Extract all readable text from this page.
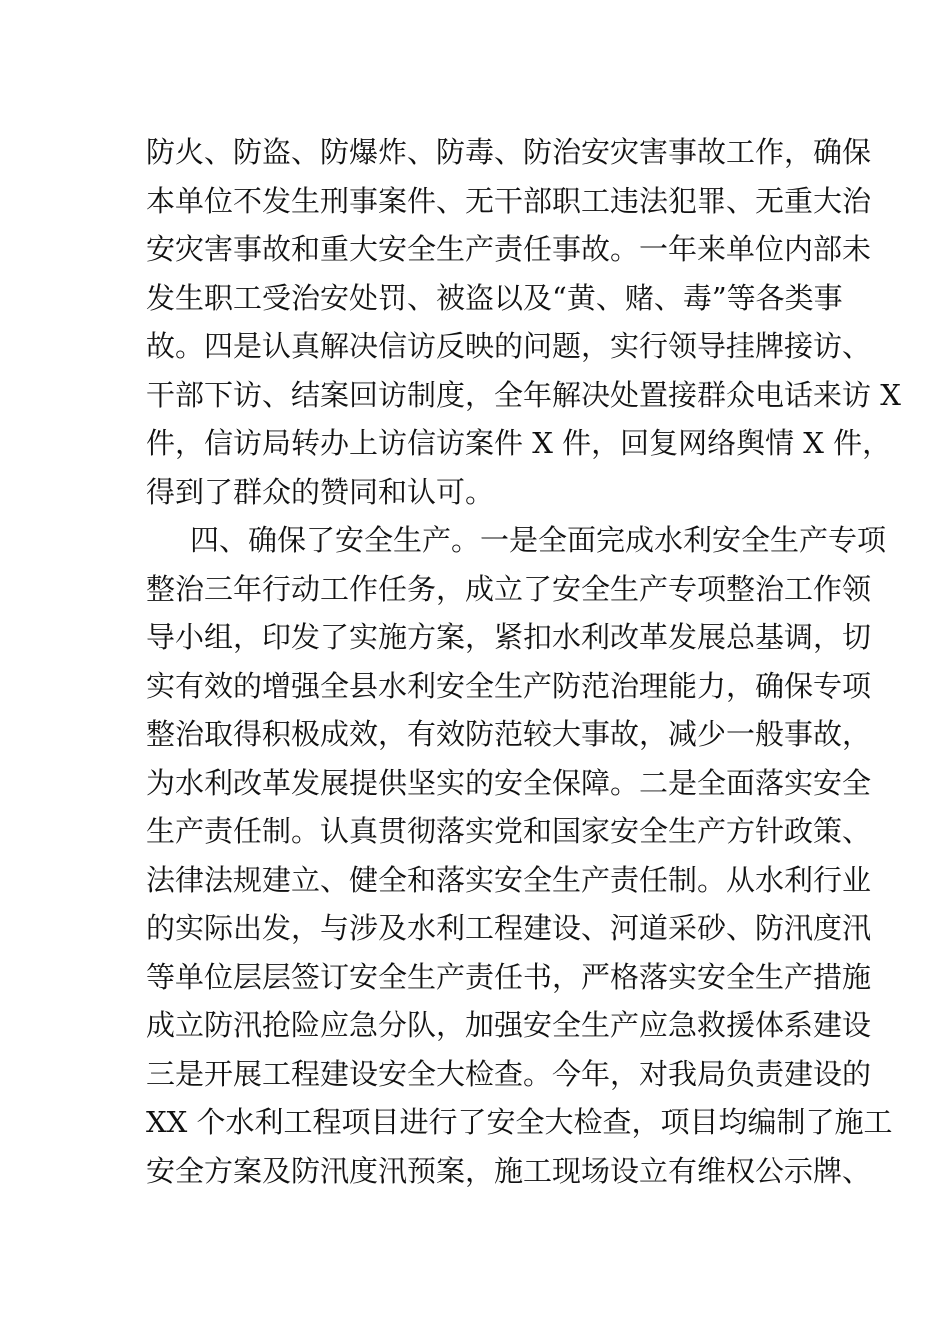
防火、防盗、防爆炸、防毒、防治安灾害事故工作，确保
本单位不发生刑事案件、无干部职工违法犯罪、无重大治
安灾害事故和重大安全生产责任事故。一年来单位内部未
发生职工受治安处罚、被盗以及“黄、赌、毒”等各类事
故。四是认真解决信访反映的问题，实行领导挂牌接访、
干部下访、结案回访制度，全年解决处置接群众电话来访 X
件，信访局转办上访信访案件 X 件，回复网络舆情 X 件，
得到了群众的赞同和认可。
四、确保了安全生产。一是全面完成水利安全生产专项
整治三年行动工作任务，成立了安全生产专项整治工作领
导小组，印发了实施方案，紧扣水利改革发展总基调，切
实有效的增强全县水利安全生产防范治理能力，确保专项
整治取得积极成效，有效防范较大事故，减少一般事故，
为水利改革发展提供坚实的安全保障。二是全面落实安全
生产责任制。认真贯彻落实党和国家安全生产方针政策、
法律法规建立、健全和落实安全生产责任制。从水利行业
的实际出发，与涉及水利工程建设、河道采砂、防汛度汛
等单位层层签订安全生产责任书，严格落实安全生产措施
成立防汛抢险应急分队，加强安全生产应急救援体系建设
三是开展工程建设安全大检查。今年，对我局负责建设的
XX 个水利工程项目进行了安全大检查，项目均编制了施工
安全方案及防汛度汛预案，施工现场设立有维权公示牌、
